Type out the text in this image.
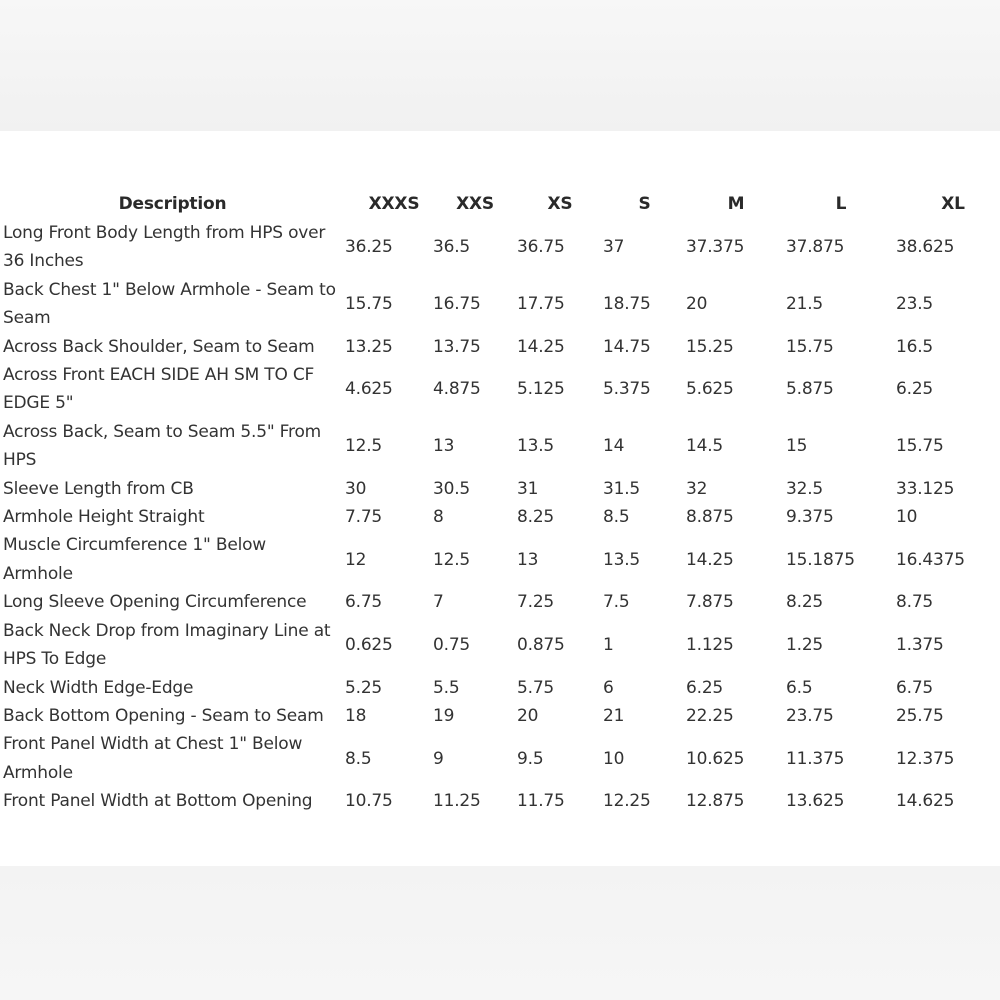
Description	XXXS	XXS	XS	S	M	L	XL
Long Front Body Length from HPS over 36 Inches	36.25	36.5	36.75	37	37.375	37.875	38.625
Back Chest 1" Below Armhole - Seam to Seam	15.75	16.75	17.75	18.75	20	21.5	23.5
Across Back Shoulder, Seam to Seam	13.25	13.75	14.25	14.75	15.25	15.75	16.5
Across Front EACH SIDE AH SM TO CF EDGE 5"	4.625	4.875	5.125	5.375	5.625	5.875	6.25
Across Back, Seam to Seam 5.5" From HPS	12.5	13	13.5	14	14.5	15	15.75
Sleeve Length from CB	30	30.5	31	31.5	32	32.5	33.125
Armhole Height Straight	7.75	8	8.25	8.5	8.875	9.375	10
Muscle Circumference 1" Below Armhole	12	12.5	13	13.5	14.25	15.1875	16.4375
Long Sleeve Opening Circumference	6.75	7	7.25	7.5	7.875	8.25	8.75
Back Neck Drop from Imaginary Line at HPS To Edge	0.625	0.75	0.875	1	1.125	1.25	1.375
Neck Width Edge-Edge	5.25	5.5	5.75	6	6.25	6.5	6.75
Back Bottom Opening - Seam to Seam	18	19	20	21	22.25	23.75	25.75
Front Panel Width at Chest 1" Below Armhole	8.5	9	9.5	10	10.625	11.375	12.375
Front Panel Width at Bottom Opening	10.75	11.25	11.75	12.25	12.875	13.625	14.625
